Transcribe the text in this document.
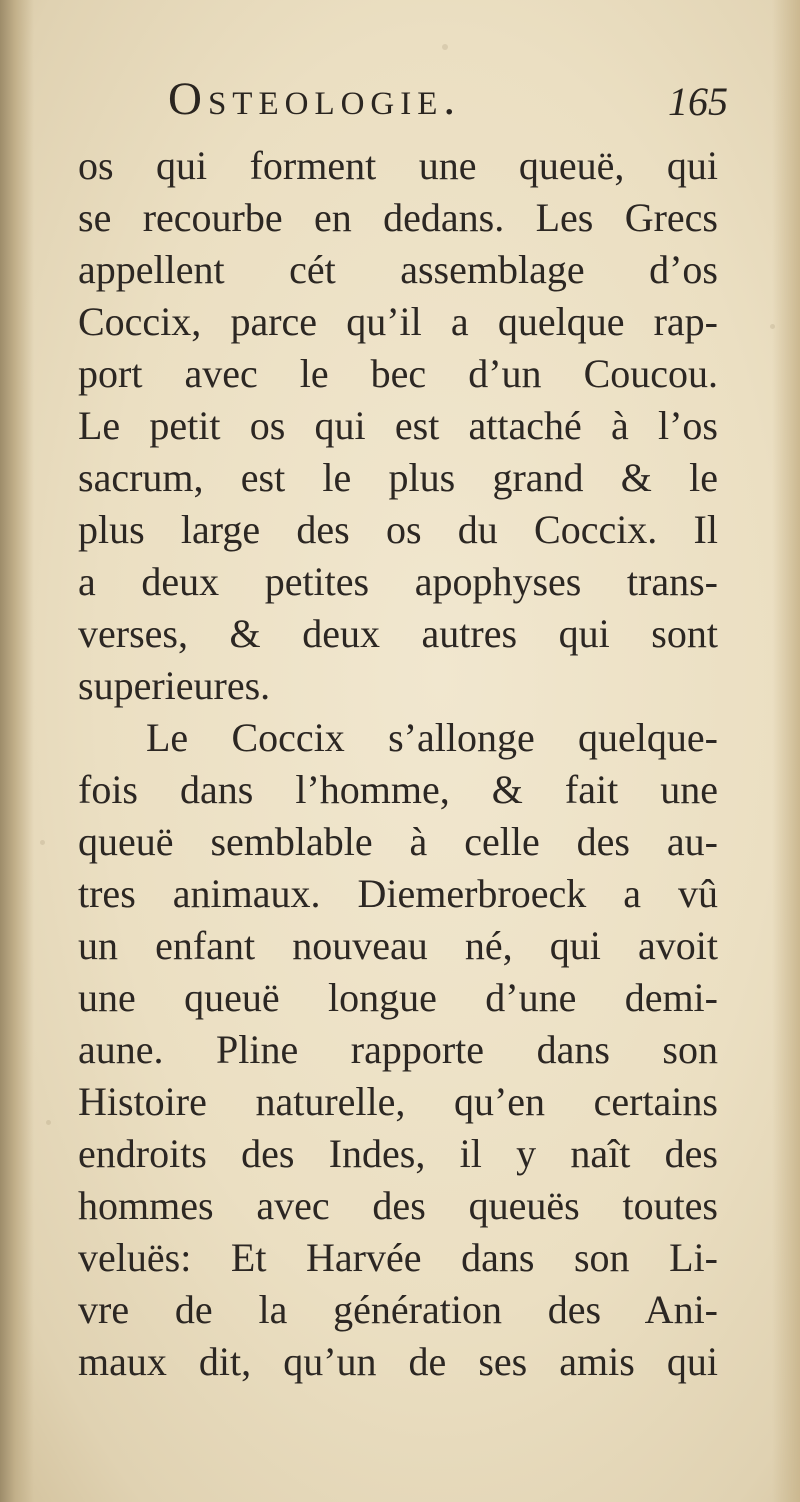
Osteologie.	165
os qui forment une queuë, qui
se recourbe en dedans. Les Grecs
appellent cét assemblage d’os
Coccix, parce qu’il a quelque rap-
port avec le bec d’un Coucou.
Le petit os qui est attaché à l’os
sacrum, est le plus grand & le
plus large des os du Coccix. Il
a deux petites apophyses trans-
verses, & deux autres qui sont
superieures.
Le Coccix s’allonge quelque-
fois dans l’homme, & fait une
queuë semblable à celle des au-
tres animaux. Diemerbroeck a vû
un enfant nouveau né, qui avoit
une queuë longue d’une demi-
aune. Pline rapporte dans son
Histoire naturelle, qu’en certains
endroits des Indes, il y naît des
hommes avec des queuës toutes
veluës: Et Harvée dans son Li-
vre de la génération des Ani-
maux dit, qu’un de ses amis qui
